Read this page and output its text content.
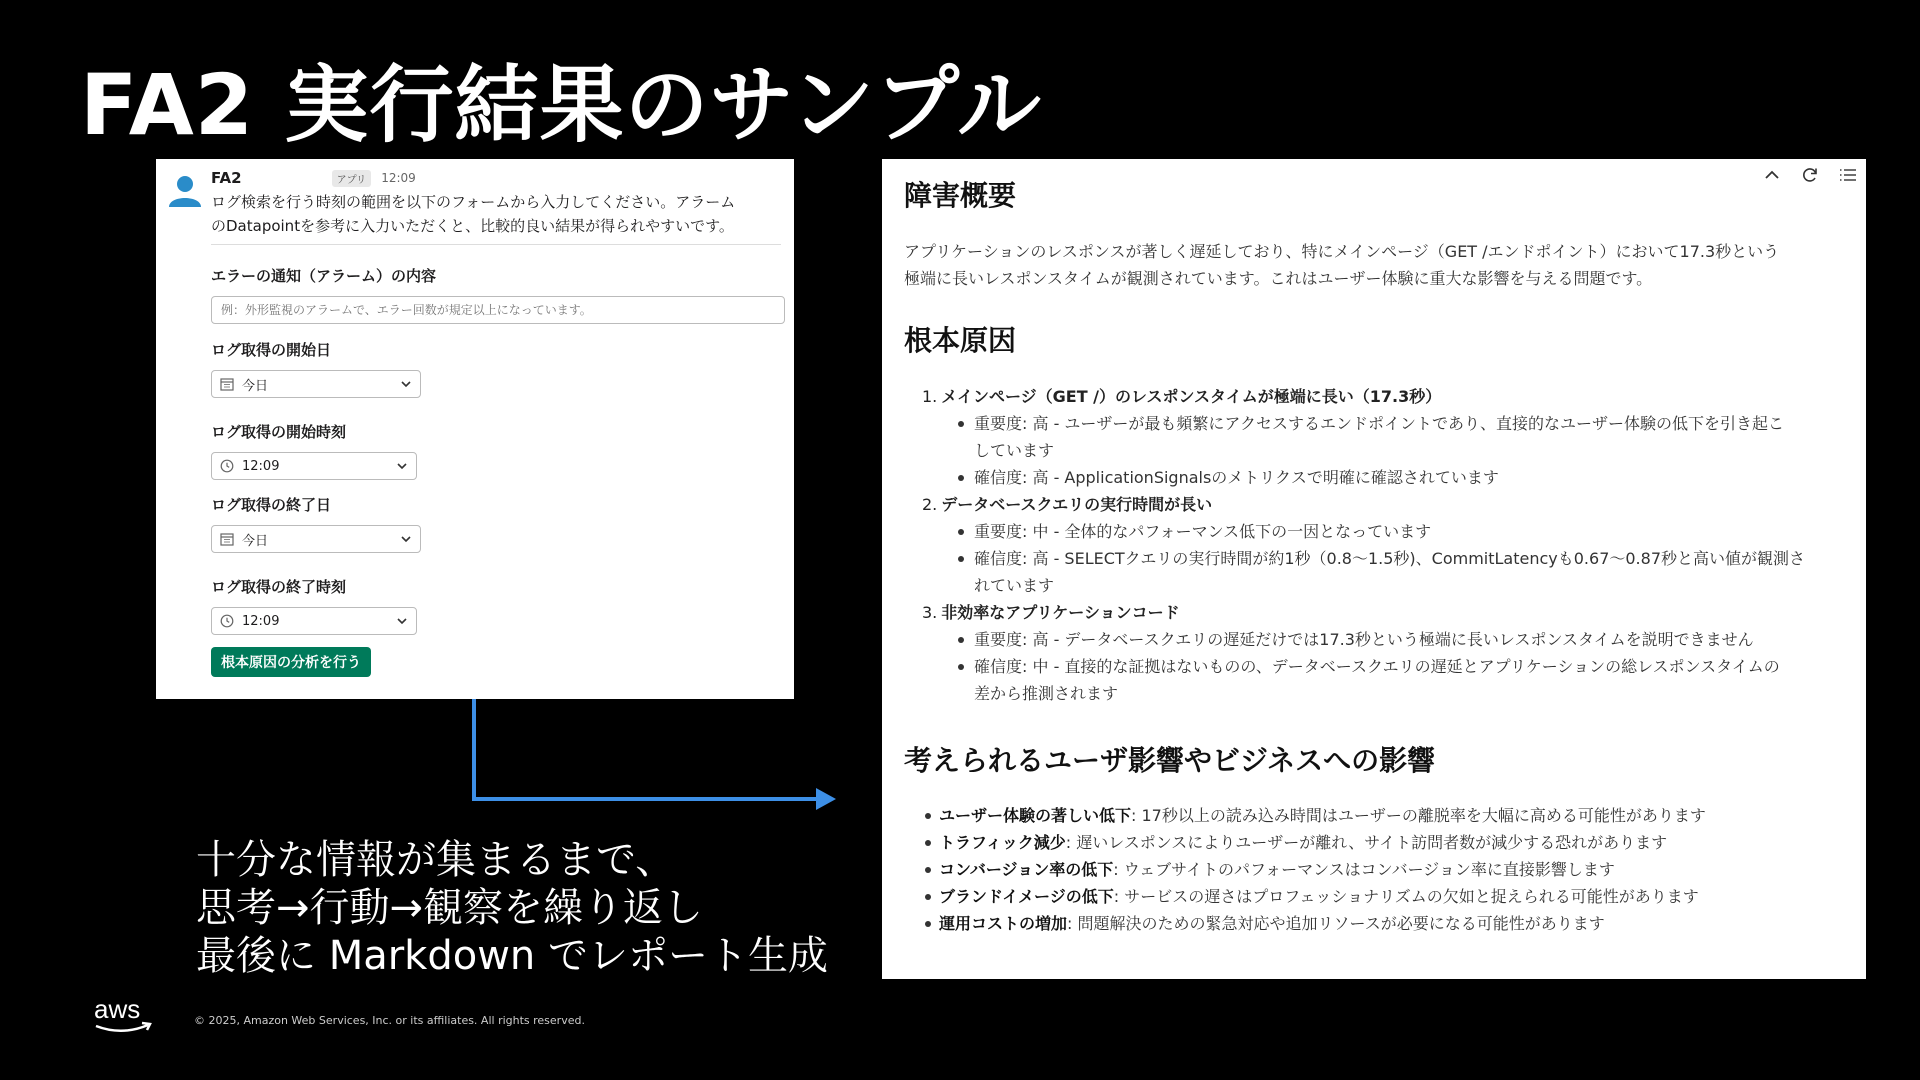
FA2 実行結果のサンプル
FA2	アプリ	12:09
ログ検索を行う時刻の範囲を以下のフォームから入力してください。アラーム
のDatapointを参考に入力いただくと、比較的良い結果が得られやすいです。
エラーの通知（アラーム）の内容
例：外形監視のアラームで、エラー回数が規定以上になっています。
ログ取得の開始日
今日
ログ取得の開始時刻
12:09
ログ取得の終了日
今日
ログ取得の終了時刻
12:09
根本原因の分析を行う
十分な情報が集まるまで、
思考→行動→観察を繰り返し
最後に Markdown でレポート生成
aws	© 2025, Amazon Web Services, Inc. or its affiliates. All rights reserved.
障害概要

アプリケーションのレスポンスが著しく遅延しており、特にメインページ（GET /エンドポイント）において17.3秒という
極端に長いレスポンスタイムが観測されています。これはユーザー体験に重大な影響を与える問題です。

根本原因
1. メインページ（GET /）のレスポンスタイムが極端に長い（17.3秒）
重要度: 高 - ユーザーが最も頻繁にアクセスするエンドポイントであり、直接的なユーザー体験の低下を引き起こ
しています
確信度: 高 - ApplicationSignalsのメトリクスで明確に確認されています
2. データベースクエリの実行時間が長い
重要度: 中 - 全体的なパフォーマンス低下の一因となっています
確信度: 高 - SELECTクエリの実行時間が約1秒（0.8〜1.5秒)、CommitLatencyも0.67〜0.87秒と高い値が観測さ
れています
3. 非効率なアプリケーションコード
重要度: 高 - データベースクエリの遅延だけでは17.3秒という極端に長いレスポンスタイムを説明できません
確信度: 中 - 直接的な証拠はないものの、データベースクエリの遅延とアプリケーションの総レスポンスタイムの
差から推測されます
考えられるユーザ影響やビジネスへの影響
ユーザー体験の著しい低下: 17秒以上の読み込み時間はユーザーの離脱率を大幅に高める可能性があります
トラフィック減少: 遅いレスポンスによりユーザーが離れ、サイト訪問者数が減少する恐れがあります
コンバージョン率の低下: ウェブサイトのパフォーマンスはコンバージョン率に直接影響します
ブランドイメージの低下: サービスの遅さはプロフェッショナリズムの欠如と捉えられる可能性があります
運用コストの増加: 問題解決のための緊急対応や追加リソースが必要になる可能性があります
